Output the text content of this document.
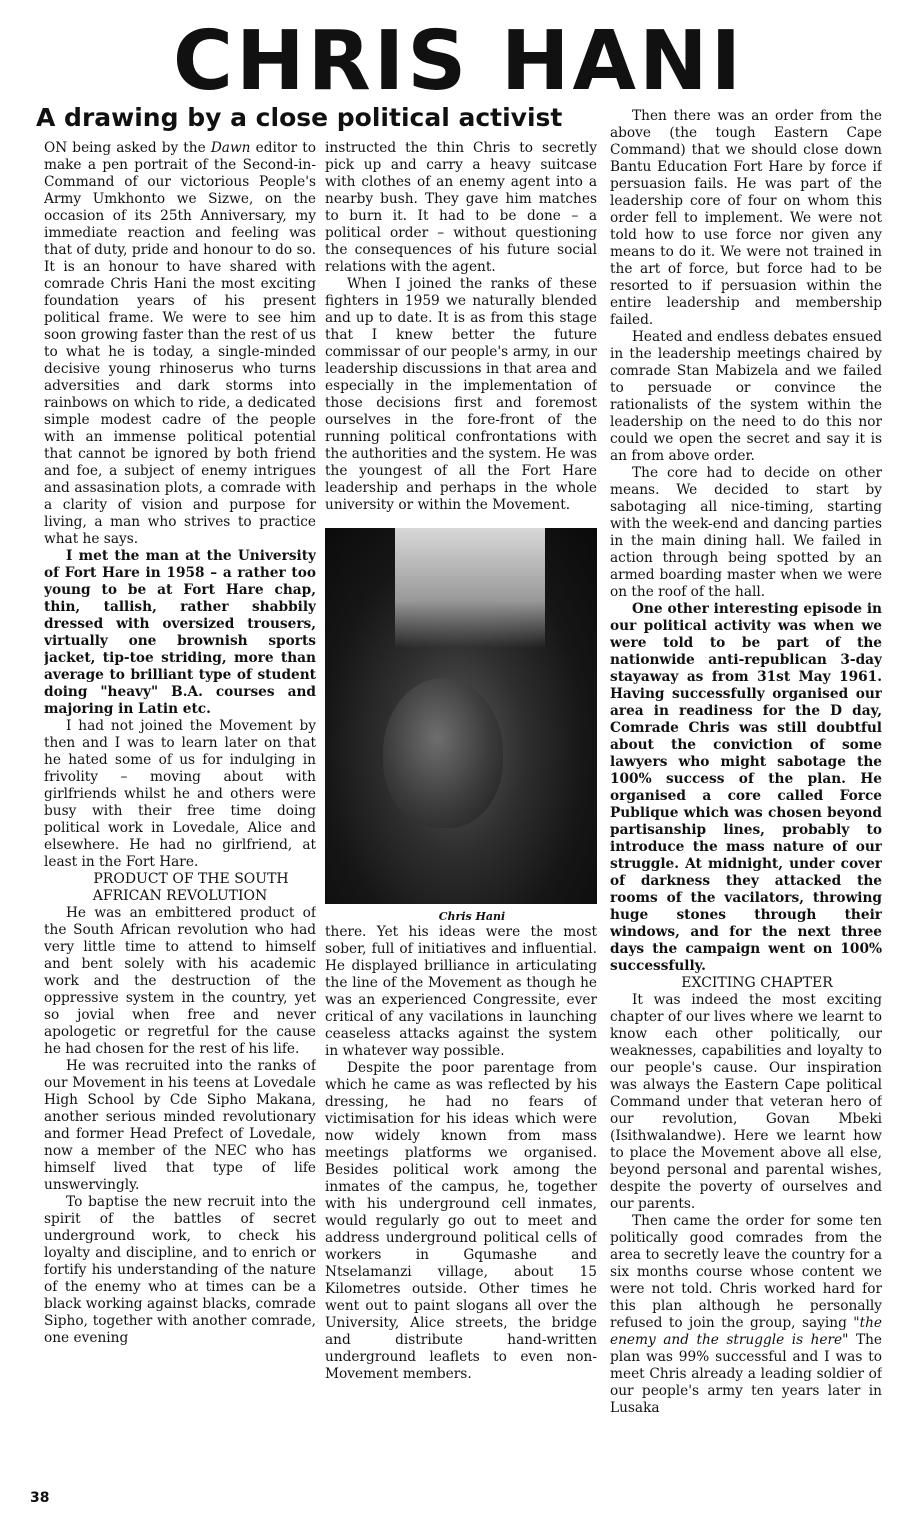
CHRIS HANI
A drawing by a close political activist

ON being asked by the Dawn editor to make a pen portrait of the Second-in-Command of our victorious People's Army Umkhonto we Sizwe, on the occasion of its 25th Anniversary, my immediate reaction and feeling was that of duty, pride and honour to do so. It is an honour to have shared with comrade Chris Hani the most exciting foundation years of his present political frame. We were to see him soon growing faster than the rest of us to what he is today, a single-minded decisive young rhinoserus who turns adversities and dark storms into rainbows on which to ride, a dedicated simple modest cadre of the people with an immense political potential that cannot be ignored by both friend and foe, a subject of enemy intrigues and assasination plots, a comrade with a clarity of vision and purpose for living, a man who strives to practice what he says.

I met the man at the University of Fort Hare in 1958 – a rather too young to be at Fort Hare chap, thin, tallish, rather shabbily dressed with oversized trousers, virtually one brownish sports jacket, tip-toe striding, more than average to brilliant type of student doing "heavy" B.A. courses and majoring in Latin etc.

I had not joined the Movement by then and I was to learn later on that he hated some of us for indulging in frivolity – moving about with girlfriends whilst he and others were busy with their free time doing political work in Lovedale, Alice and elsewhere. He had no girlfriend, at least in the Fort Hare.

PRODUCT OF THE SOUTH AFRICAN REVOLUTION

He was an embittered product of the South African revolution who had very little time to attend to himself and bent solely with his academic work and the destruction of the oppressive system in the country, yet so jovial when free and never apologetic or regretful for the cause he had chosen for the rest of his life.

He was recruited into the ranks of our Movement in his teens at Lovedale High School by Cde Sipho Makana, another serious minded revolutionary and former Head Prefect of Lovedale, now a member of the NEC who has himself lived that type of life unswervingly.

To baptise the new recruit into the spirit of the battles of secret underground work, to check his loyalty and discipline, and to enrich or fortify his understanding of the nature of the enemy who at times can be a black working against blacks, comrade Sipho, together with another comrade, one evening

instructed the thin Chris to secretly pick up and carry a heavy suitcase with clothes of an enemy agent into a nearby bush. They gave him matches to burn it. It had to be done – a political order – without questioning the consequences of his future social relations with the agent.

When I joined the ranks of these fighters in 1959 we naturally blended and up to date. It is as from this stage that I knew better the future commissar of our people's army, in our leadership discussions in that area and especially in the implementation of those decisions first and foremost ourselves in the fore-front of the running political confrontations with the authorities and the system. He was the youngest of all the Fort Hare leadership and perhaps in the whole university or within the Movement.

Chris Hani

there. Yet his ideas were the most sober, full of initiatives and influential. He displayed brilliance in articulating the line of the Movement as though he was an experienced Congressite, ever critical of any vacilations in launching ceaseless attacks against the system in whatever way possible.

Despite the poor parentage from which he came as was reflected by his dressing, he had no fears of victimisation for his ideas which were now widely known from mass meetings platforms we organised. Besides political work among the inmates of the campus, he, together with his underground cell inmates, would regularly go out to meet and address underground political cells of workers in Gqumashe and Ntselamanzi village, about 15 Kilometres outside. Other times he went out to paint slogans all over the University, Alice streets, the bridge and distribute hand-written underground leaflets to even non-Movement members.

Then there was an order from the above (the tough Eastern Cape Command) that we should close down Bantu Education Fort Hare by force if persuasion fails. He was part of the leadership core of four on whom this order fell to implement. We were not told how to use force nor given any means to do it. We were not trained in the art of force, but force had to be resorted to if persuasion within the entire leadership and membership failed.

Heated and endless debates ensued in the leadership meetings chaired by comrade Stan Mabizela and we failed to persuade or convince the rationalists of the system within the leadership on the need to do this nor could we open the secret and say it is an from above order.

The core had to decide on other means. We decided to start by sabotaging all nice-timing, starting with the week-end and dancing parties in the main dining hall. We failed in action through being spotted by an armed boarding master when we were on the roof of the hall.

One other interesting episode in our political activity was when we were told to be part of the nationwide anti-republican 3-day stayaway as from 31st May 1961. Having successfully organised our area in readiness for the D day, Comrade Chris was still doubtful about the conviction of some lawyers who might sabotage the 100% success of the plan. He organised a core called Force Publique which was chosen beyond partisanship lines, probably to introduce the mass nature of our struggle. At midnight, under cover of darkness they attacked the rooms of the vacilators, throwing huge stones through their windows, and for the next three days the campaign went on 100% successfully.

EXCITING CHAPTER

It was indeed the most exciting chapter of our lives where we learnt to know each other politically, our weaknesses, capabilities and loyalty to our people's cause. Our inspiration was always the Eastern Cape political Command under that veteran hero of our revolution, Govan Mbeki (Isithwalandwe). Here we learnt how to place the Movement above all else, beyond personal and parental wishes, despite the poverty of ourselves and our parents.

Then came the order for some ten politically good comrades from the area to secretly leave the country for a six months course whose content we were not told. Chris worked hard for this plan although he personally refused to join the group, saying "the enemy and the struggle is here" The plan was 99% successful and I was to meet Chris already a leading soldier of our people's army ten years later in Lusaka

38
